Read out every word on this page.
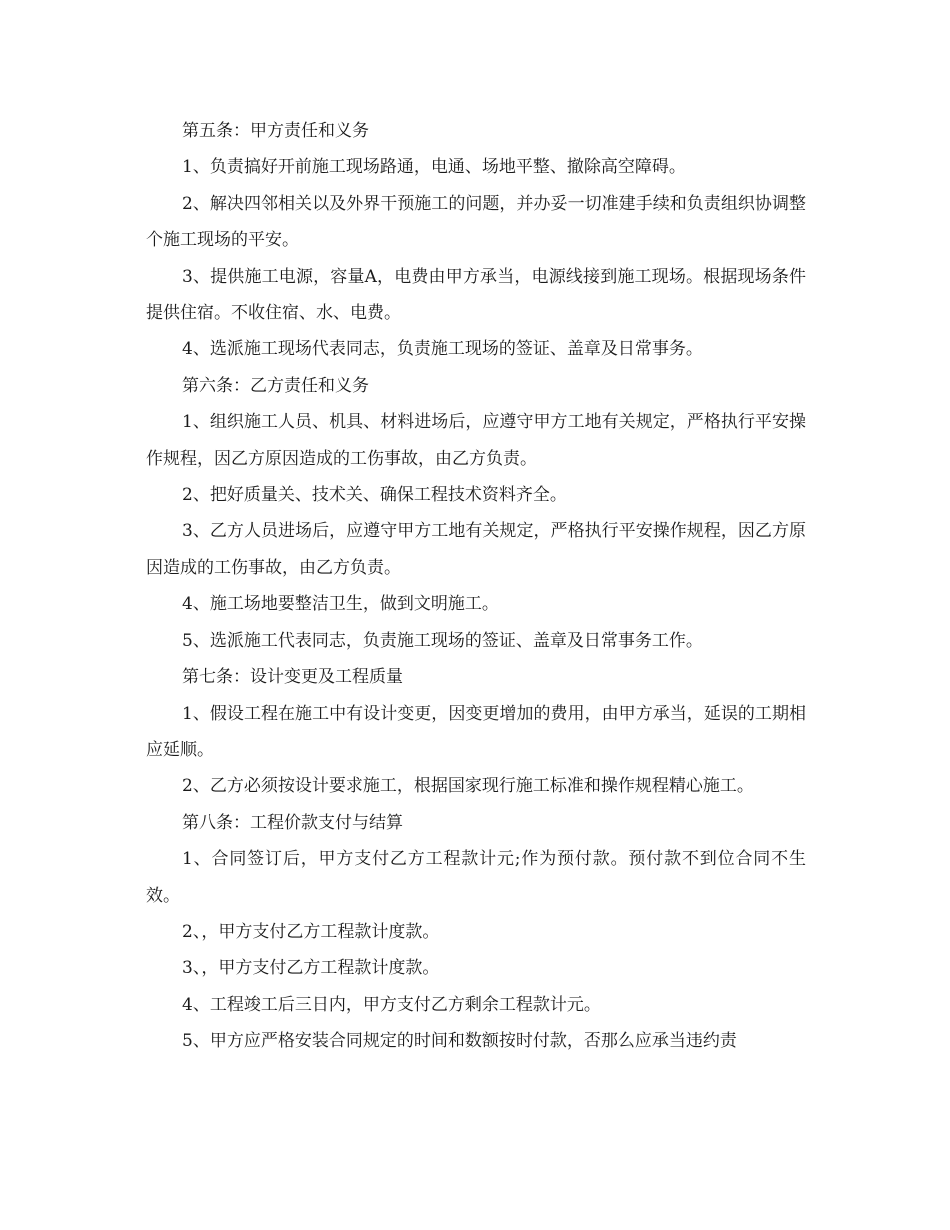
第五条：甲方责任和义务

1、负责搞好开前施工现场路通，电通、场地平整、撤除高空障碍。

2、解决四邻相关以及外界干预施工的问题，并办妥一切准建手续和负责组织协调整个施工现场的平安。

3、提供施工电源，容量A，电费由甲方承当，电源线接到施工现场。根据现场条件提供住宿。不收住宿、水、电费。

4、选派施工现场代表同志，负责施工现场的签证、盖章及日常事务。

第六条：乙方责任和义务

1、组织施工人员、机具、材料进场后，应遵守甲方工地有关规定，严格执行平安操作规程，因乙方原因造成的工伤事故，由乙方负责。

2、把好质量关、技术关、确保工程技术资料齐全。

3、乙方人员进场后，应遵守甲方工地有关规定，严格执行平安操作规程，因乙方原因造成的工伤事故，由乙方负责。

4、施工场地要整洁卫生，做到文明施工。

5、选派施工代表同志，负责施工现场的签证、盖章及日常事务工作。

第七条：设计变更及工程质量

1、假设工程在施工中有设计变更，因变更增加的费用，由甲方承当，延误的工期相应延顺。

2、乙方必须按设计要求施工，根据国家现行施工标准和操作规程精心施工。

第八条：工程价款支付与结算

1、合同签订后，甲方支付乙方工程款计元;作为预付款。预付款不到位合同不生效。

2、，甲方支付乙方工程款计度款。

3、，甲方支付乙方工程款计度款。

4、工程竣工后三日内，甲方支付乙方剩余工程款计元。

5、甲方应严格安装合同规定的时间和数额按时付款，否那么应承当违约责
